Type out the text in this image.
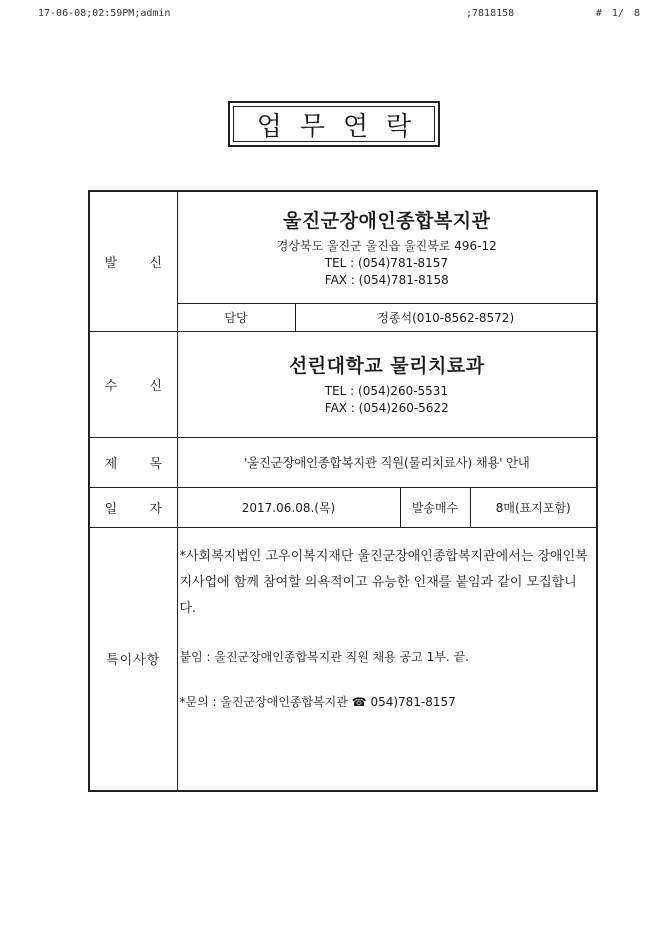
17-06-08;02:59PM;admin	;7818158	# 1/ 8
업무연락
발 신	울진군장애인종합복지관
경상북도 울진군 울진읍 울진북로 496-12
TEL : (054)781-8157
FAX : (054)781-8158			

	담당	정종석(010-8562-8572)		
수 신	선린대학교 물리치료과
TEL : (054)260-5531
FAX : (054)260-5622			

제 목	'울진군장애인종합복지관 직원(물리치료사) 채용' 안내			
일 자	2017.06.08.(목)		발송매수	8매(표지포함)
특이사항	*사회복지법인 고우이복지재단 울진군장애인종합복지관에서는 장애인복지사업에 함께 참여할 의욕적이고 유능한 인재를 붙임과 같이 모집합니다.
붙임 : 울진군장애인종합복지관 직원 채용 공고 1부. 끝.
*문의 : 울진군장애인종합복지관 ☎ 054)781-8157			
